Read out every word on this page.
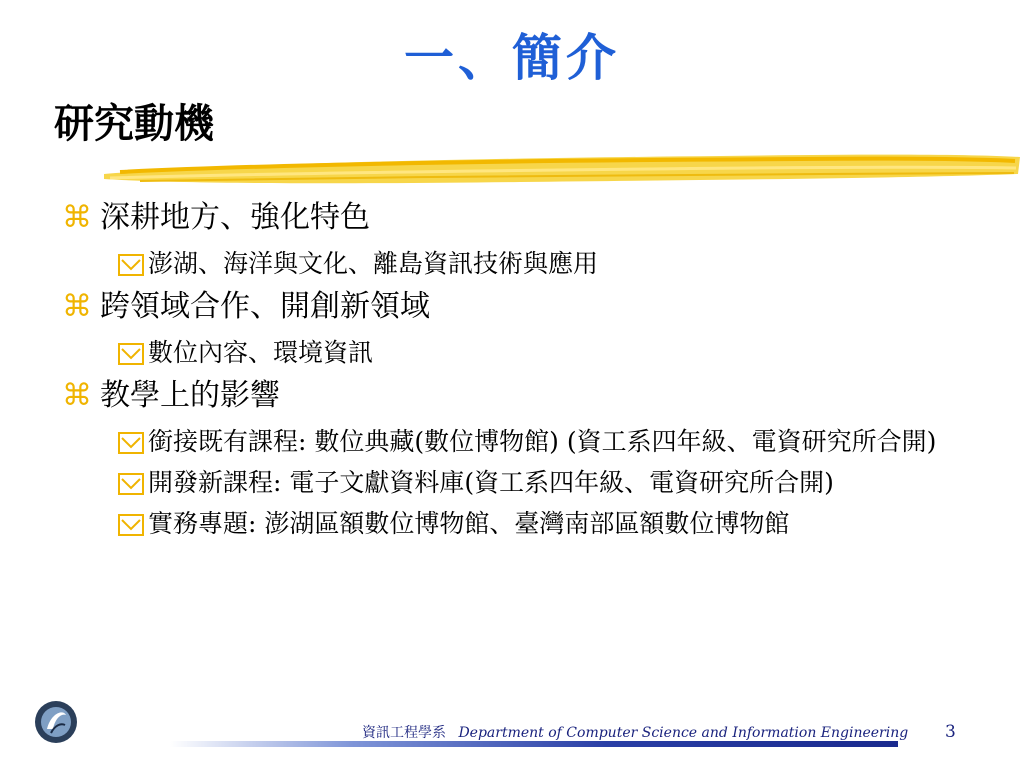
一、簡介
研究動機
⌘ 深耕地方、強化特色
澎湖、海洋與文化、離島資訊技術與應用
⌘ 跨領域合作、開創新領域
數位內容、環境資訊
⌘ 教學上的影響
銜接既有課程: 數位典藏(數位博物館) (資工系四年級、電資研究所合開)
開發新課程: 電子文獻資料庫(資工系四年級、電資研究所合開)
實務專題: 澎湖區額數位博物館、臺灣南部區額數位博物館
資訊工程學系 Department of Computer Science and Information Engineering 3
